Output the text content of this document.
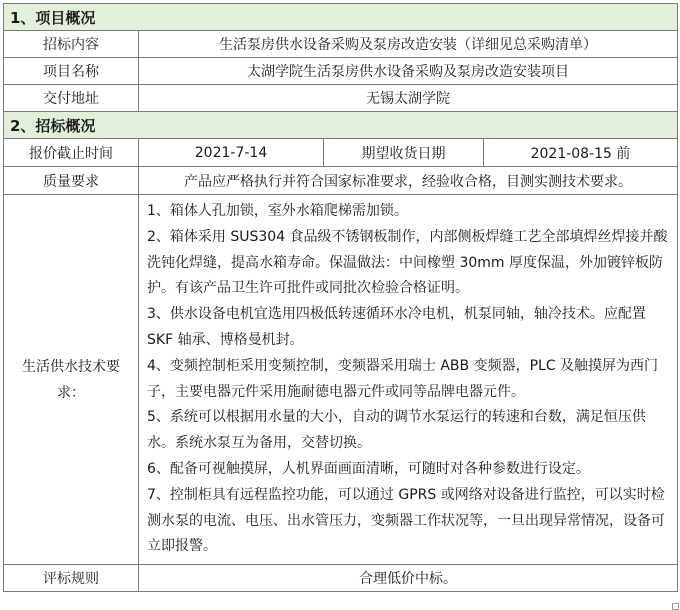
1、项目概况			
招标内容	生活泵房供水设备采购及泵房改造安装（详细见总采购清单）		
项目名称	太湖学院生活泵房供水设备采购及泵房改造安装项目		
交付地址	无锡太湖学院		
2、招标概况			
报价截止时间	2021-7-14	期望收货日期	2021-08-15 前
质量要求	产品应严格执行并符合国家标准要求，经验收合格，目测实测技术要求。		
生活供水技术要求：	
1、箱体人孔加锁，室外水箱爬梯需加锁。
2、箱体采用 SUS304 食品级不锈钢板制作，内部侧板焊缝工艺全部填焊丝焊接并酸洗钝化焊缝，提高水箱寿命。保温做法：中间橡塑 30mm 厚度保温，外加镀锌板防护。有该产品卫生许可批件或同批次检验合格证明。
3、供水设备电机宜选用四极低转速循环水冷电机，机泵同轴，轴冷技术。应配置 SKF 轴承、博格曼机封。
4、变频控制柜采用变频控制，变频器采用瑞士 ABB 变频器，PLC 及触摸屏为西门子，主要电器元件采用施耐德电器元件或同等品牌电器元件。
5、系统可以根据用水量的大小，自动的调节水泵运行的转速和台数，满足恒压供水。系统水泵互为备用，交替切换。
6、配备可视触摸屏，人机界面画面清晰，可随时对各种参数进行设定。
7、控制柜具有远程监控功能，可以通过 GPRS 或网络对设备进行监控，可以实时检测水泵的电流、电压、出水管压力，变频器工作状况等，一旦出现异常情况，设备可立即报警。

评标规则	合理低价中标。		
